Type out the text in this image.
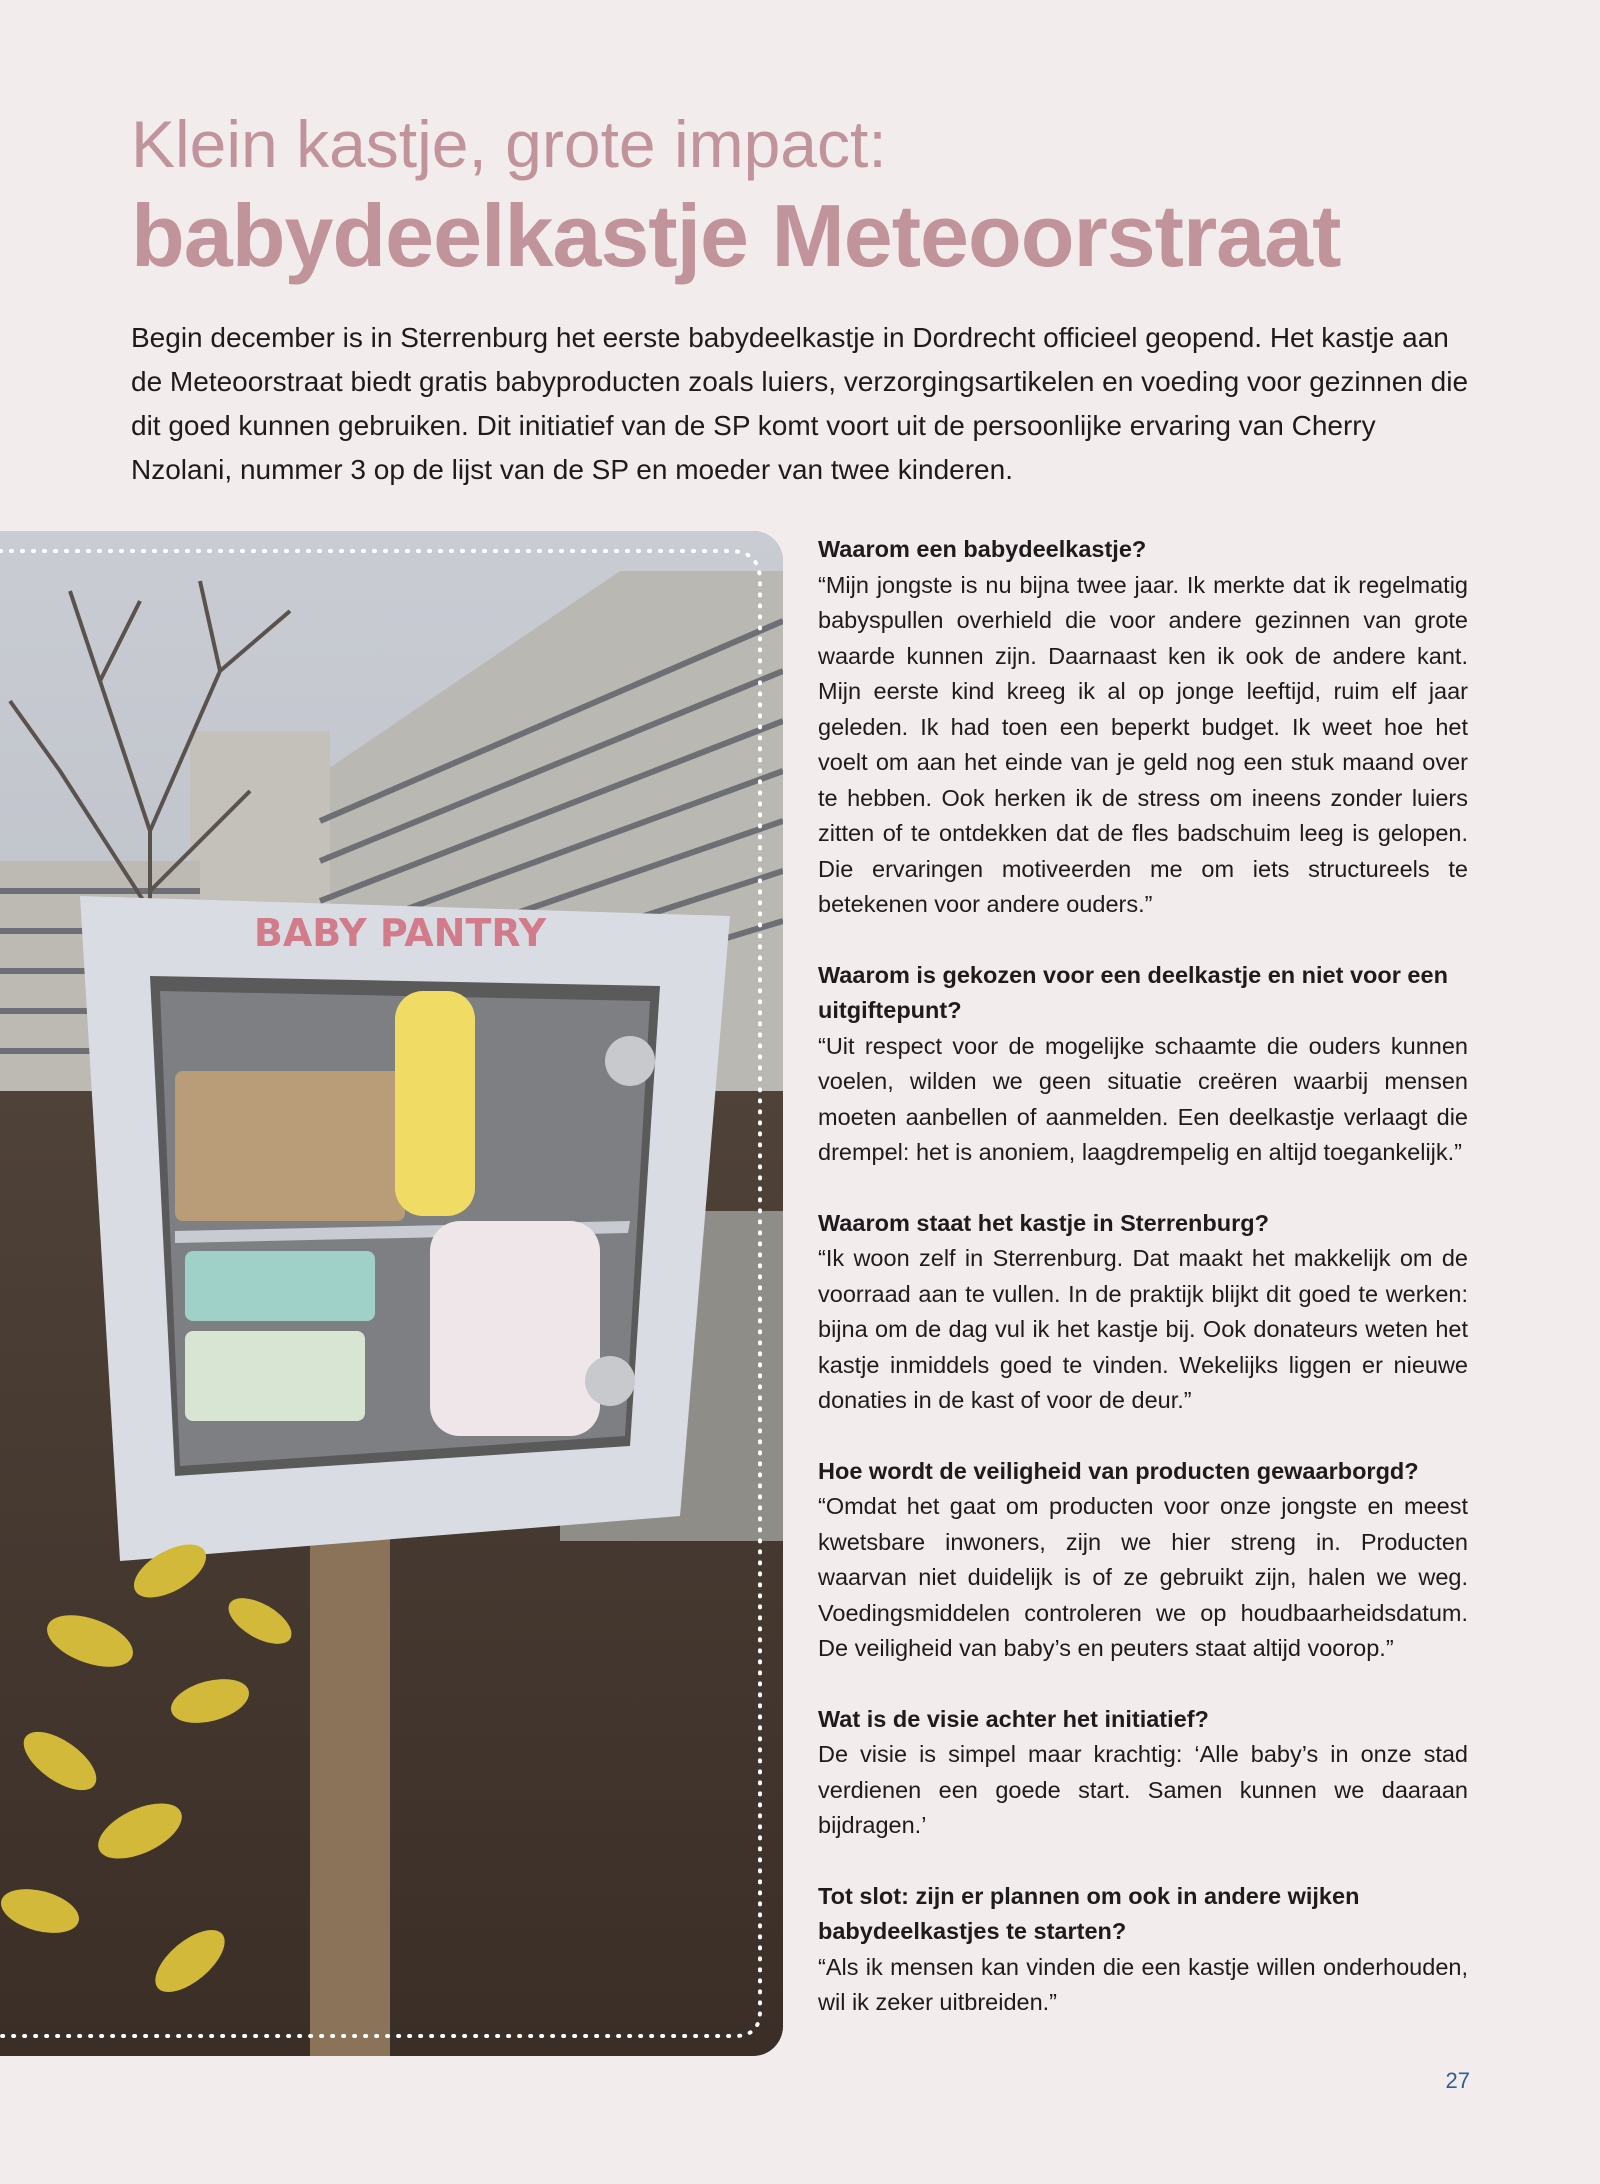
Klein kastje, grote impact:
babydeelkastje Meteoorstraat
Begin december is in Sterrenburg het eerste babydeelkastje in Dordrecht officieel geopend. Het kastje aan de Meteoorstraat biedt gratis babyproducten zoals luiers, verzorgingsartikelen en voeding voor gezinnen die dit goed kunnen gebruiken. Dit initiatief van de SP komt voort uit de persoonlijke ervaring van Cherry Nzolani, nummer 3 op de lijst van de SP en moeder van twee kinderen.
BABY PANTRY
Waarom een babydeelkastje?

“Mijn jongste is nu bijna twee jaar. Ik merkte dat ik regelmatig babyspullen overhield die voor andere gezinnen van grote waarde kunnen zijn. Daarnaast ken ik ook de andere kant. Mijn eerste kind kreeg ik al op jonge leeftijd, ruim elf jaar geleden. Ik had toen een beperkt budget. Ik weet hoe het voelt om aan het einde van je geld nog een stuk maand over te hebben. Ook herken ik de stress om ineens zonder luiers zitten of te ontdekken dat de fles badschuim leeg is gelopen. Die ervaringen motiveerden me om iets structureels te betekenen voor andere ouders.”

Waarom is gekozen voor een deelkastje en niet voor een uitgiftepunt?

“Uit respect voor de mogelijke schaamte die ouders kunnen voelen, wilden we geen situatie creëren waarbij mensen moeten aanbellen of aanmelden. Een deelkastje verlaagt die drempel: het is anoniem, laagdrempelig en altijd toegankelijk.”

Waarom staat het kastje in Sterrenburg?

“Ik woon zelf in Sterrenburg. Dat maakt het makkelijk om de voorraad aan te vullen. In de praktijk blijkt dit goed te werken: bijna om de dag vul ik het kastje bij. Ook donateurs weten het kastje inmiddels goed te vinden. Wekelijks liggen er nieuwe donaties in de kast of voor de deur.”

Hoe wordt de veiligheid van producten gewaarborgd?

“Omdat het gaat om producten voor onze jongste en meest kwetsbare inwoners, zijn we hier streng in. Producten waarvan niet duidelijk is of ze gebruikt zijn, halen we weg. Voedingsmiddelen controleren we op houdbaarheidsdatum. De veiligheid van baby’s en peuters staat altijd voorop.”

Wat is de visie achter het initiatief?

De visie is simpel maar krachtig: ‘Alle baby’s in onze stad verdienen een goede start. Samen kunnen we daaraan bijdragen.’

Tot slot: zijn er plannen om ook in andere wijken babydeelkastjes te starten?

“Als ik mensen kan vinden die een kastje willen onderhouden, wil ik zeker uitbreiden.”

27
